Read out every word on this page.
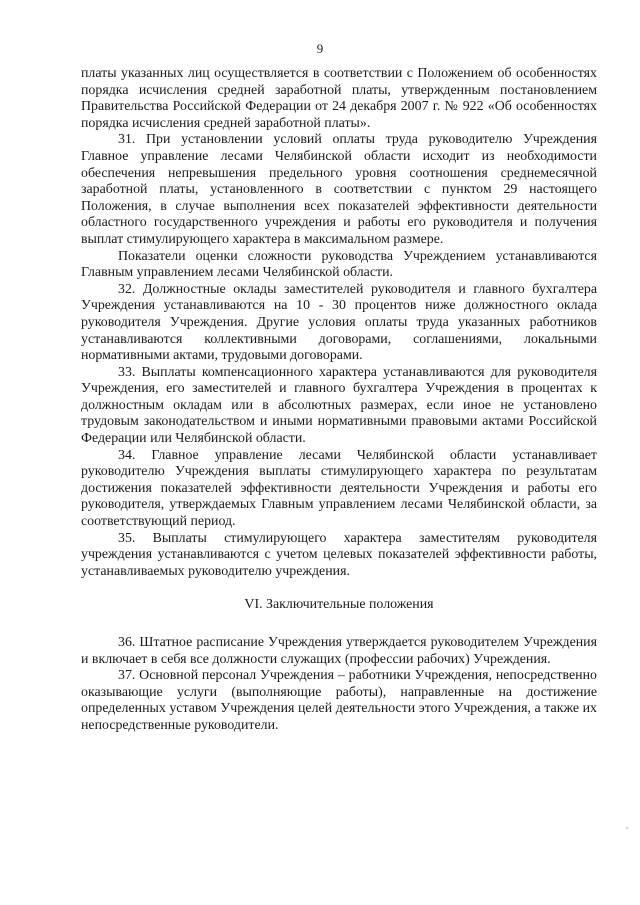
9

платы указанных лиц осуществляется в соответствии с Положением об особенностях порядка исчисления средней заработной платы, утвержденным постановлением Правительства Российской Федерации от 24 декабря 2007 г. № 922 «Об особенностях порядка исчисления средней заработной платы».

31. При установлении условий оплаты труда руководителю Учреждения Главное управление лесами Челябинской области исходит из необходимости обеспечения непревышения предельного уровня соотношения среднемесячной заработной платы, установленного в соответствии с пунктом 29 настоящего Положения, в случае выполнения всех показателей эффективности деятельности областного государственного учреждения и работы его руководителя и получения выплат стимулирующего характера в максимальном размере.

Показатели оценки сложности руководства Учреждением устанавливаются Главным управлением лесами Челябинской области.

32. Должностные оклады заместителей руководителя и главного бухгалтера Учреждения устанавливаются на 10 - 30 процентов ниже должностного оклада руководителя Учреждения. Другие условия оплаты труда указанных работников устанавливаются коллективными договорами, соглашениями, локальными нормативными актами, трудовыми договорами.

33. Выплаты компенсационного характера устанавливаются для руководителя Учреждения, его заместителей и главного бухгалтера Учреждения в процентах к должностным окладам или в абсолютных размерах, если иное не установлено трудовым законодательством и иными нормативными правовыми актами Российской Федерации или Челябинской области.

34. Главное управление лесами Челябинской области устанавливает руководителю Учреждения выплаты стимулирующего характера по результатам достижения показателей эффективности деятельности Учреждения и работы его руководителя, утверждаемых Главным управлением лесами Челябинской области, за соответствующий период.

35. Выплаты стимулирующего характера заместителям руководителя учреждения устанавливаются с учетом целевых показателей эффективности работы, устанавливаемых руководителю учреждения.

VI. Заключительные положения

36. Штатное расписание Учреждения утверждается руководителем Учреждения и включает в себя все должности служащих (профессии рабочих) Учреждения.

37. Основной персонал Учреждения – работники Учреждения, непосредственно оказывающие услуги (выполняющие работы), направленные на достижение определенных уставом Учреждения целей деятельности этого Учреждения, а также их непосредственные руководители.

ˇ
